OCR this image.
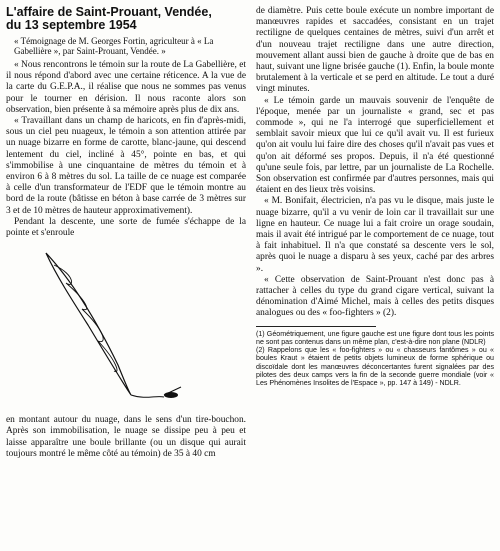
L'affaire de Saint-Prouant, Vendée,
du 13 septembre 1954

« Témoignage de M. Georges Fortin, agriculteur à « La Gabellière », par Saint-Prouant, Vendée. »

« Nous rencontrons le témoin sur la route de La Gabellière, et il nous répond d'abord avec une certaine réticence. A la vue de la carte du G.E.P.A., il réalise que nous ne sommes pas venus pour le tourner en dérision. Il nous raconte alors son observation, bien présente à sa mémoire après plus de dix ans.

« Travaillant dans un champ de haricots, en fin d'après-midi, sous un ciel peu nuageux, le témoin a son attention attirée par un nuage bizarre en forme de carotte, blanc-jaune, qui descend lentement du ciel, incliné à 45°, pointe en bas, et qui s'immobilise à une cinquantaine de mètres du témoin et à environ 6 à 8 mètres du sol. La taille de ce nuage est comparée à celle d'un transformateur de l'EDF que le témoin montre au bord de la route (bâtisse en béton à base carrée de 3 mètres sur 3 et de 10 mètres de hauteur approximativement).

Pendant la descente, une sorte de fumée s'échappe de la pointe et s'enroule

en montant autour du nuage, dans le sens d'un tire-bouchon. Après son immobilisation, le nuage se dissipe peu à peu et laisse apparaître une boule brillante (ou un disque qui aurait toujours montré le même côté au témoin) de 35 à 40 cm

de diamètre. Puis cette boule exécute un nombre important de manœuvres rapides et saccadées, consistant en un trajet rectiligne de quelques centaines de mètres, suivi d'un arrêt et d'un nouveau trajet rectiligne dans une autre direction, mouvement allant aussi bien de gauche à droite que de bas en haut, suivant une ligne brisée gauche (1). Enfin, la boule monte brutalement à la verticale et se perd en altitude. Le tout a duré vingt minutes.

« Le témoin garde un mauvais souvenir de l'enquête de l'époque, menée par un journaliste « grand, sec et pas commode », qui ne l'a interrogé que superficiellement et semblait savoir mieux que lui ce qu'il avait vu. Il est furieux qu'on ait voulu lui faire dire des choses qu'il n'avait pas vues et qu'on ait déformé ses propos. Depuis, il n'a été questionné qu'une seule fois, par lettre, par un journaliste de La Rochelle. Son observation est confirmée par d'autres personnes, mais qui étaient en des lieux très voisins.

« M. Bonifait, électricien, n'a pas vu le disque, mais juste le nuage bizarre, qu'il a vu venir de loin car il travaillait sur une ligne en hauteur. Ce nuage lui a fait croire un orage soudain, mais il avait été intrigué par le comportement de ce nuage, tout à fait inhabituel. Il n'a que constaté sa descente vers le sol, après quoi le nuage a disparu à ses yeux, caché par des arbres ».

« Cette observation de Saint-Prouant n'est donc pas à rattacher à celles du type du grand cigare vertical, suivant la dénomination d'Aimé Michel, mais à celles des petits disques analogues ou des « foo-fighters » (2).

(1) Géométriquement, une figure gauche est une figure dont tous les points ne sont pas contenus dans un même plan, c'est-à-dire non plane (NDLR)

(2) Rappelons que les « foo-fighters » ou « chasseurs fantômes » ou « boules Kraut » étaient de petits objets lumineux de forme sphérique ou discoïdale dont les manœuvres déconcertantes furent signalées par des pilotes des deux camps vers la fin de la seconde guerre mondiale (voir « Les Phénomènes Insolites de l'Espace », pp. 147 à 149) - NDLR.
